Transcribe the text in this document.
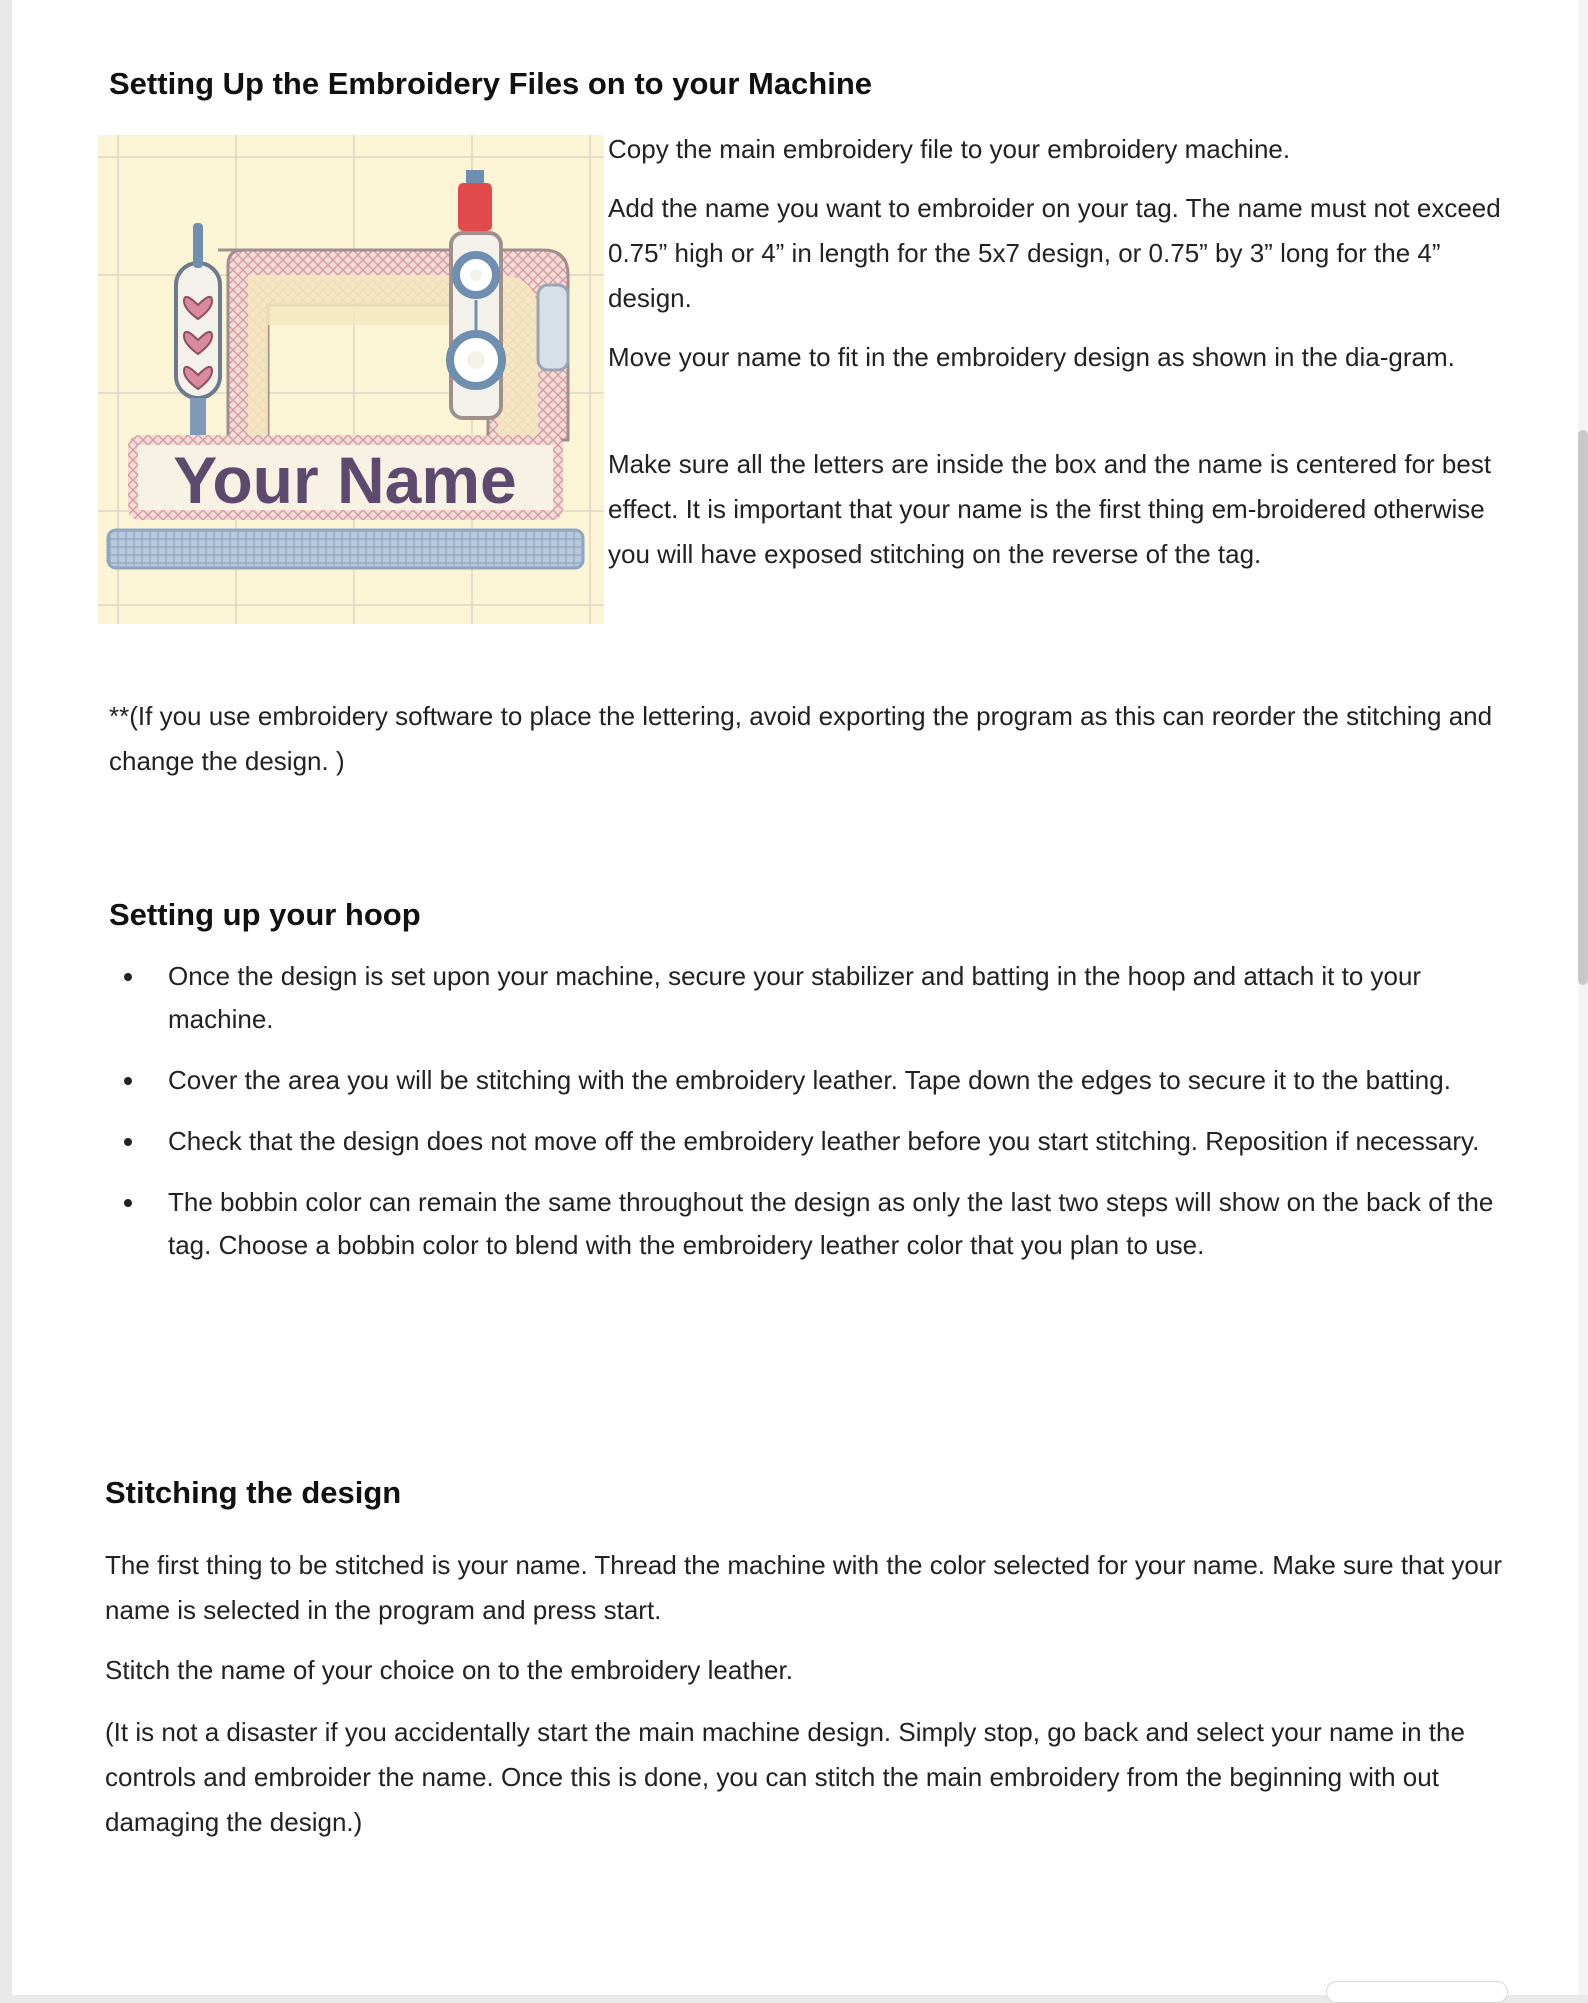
Setting Up the Embroidery Files on to your Machine
Your Name

Copy the main embroidery file to your embroidery machine.

Add the name you want to embroider on your tag. The name must not exceed 0.75” high or 4” in length for the 5x7 design, or 0.75” by 3” long for the 4” design.

Move your name to fit in the embroidery design as shown in the dia-gram.

Make sure all the letters are inside the box and the name is centered for best effect. It is important that your name is the first thing em-broidered otherwise you will have exposed stitching on the reverse of the tag.

**(If you use embroidery software to place the lettering, avoid exporting the program as this can reorder the stitching and change the design. )

Setting up your hoop
Once the design is set upon your machine, secure your stabilizer and batting in the hoop and attach it to your machine.
Cover the area you will be stitching with the embroidery leather. Tape down the edges to secure it to the batting.
Check that the design does not move off the embroidery leather before you start stitching. Reposition if necessary.
The bobbin color can remain the same throughout the design as only the last two steps will show on the back of the tag. Choose a bobbin color to blend with the embroidery leather color that you plan to use.
Stitching the design

The first thing to be stitched is your name. Thread the machine with the color selected for your name. Make sure that your name is selected in the program and press start.

Stitch the name of your choice on to the embroidery leather.

(It is not a disaster if you accidentally start the main machine design. Simply stop, go back and select your name in the controls and embroider the name. Once this is done, you can stitch the main embroidery from the beginning with out damaging the design.)
